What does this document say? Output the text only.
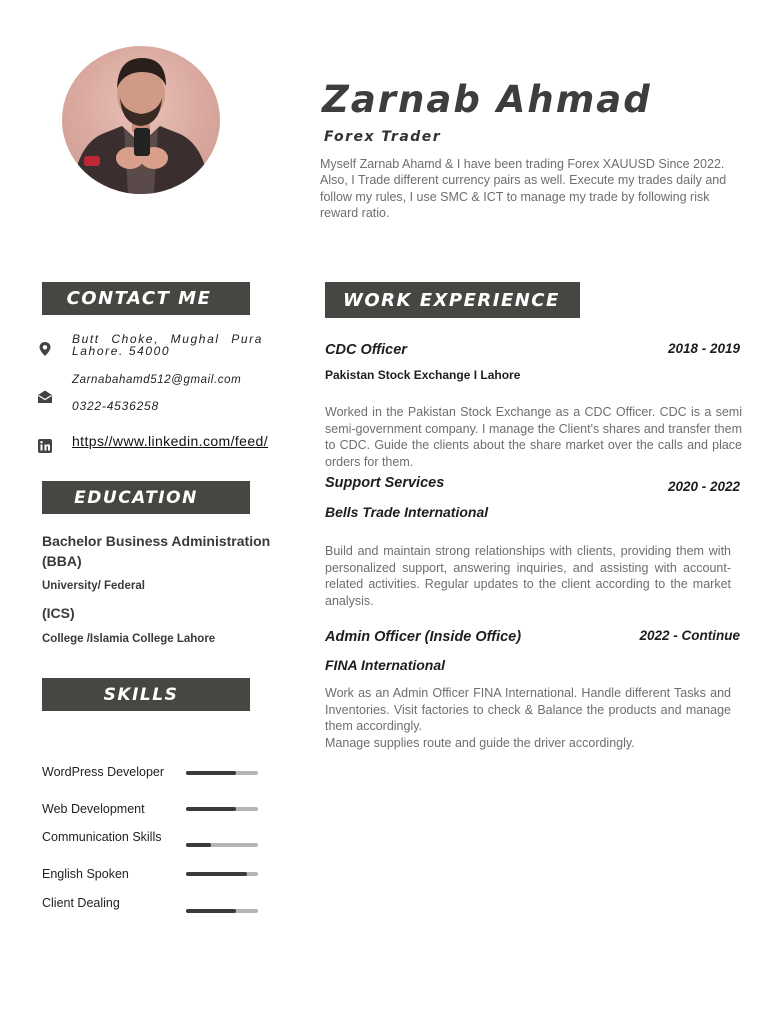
Zarnab Ahmad
Forex Trader
Myself Zarnab Ahamd & I have been trading Forex XAUUSD Since 2022. Also, I Trade different currency pairs as well. Execute my trades daily and follow my rules, I use SMC & ICT to manage my trade by following risk reward ratio.
CONTACT ME
Butt Choke, Mughal Pura Lahore. 54000
Zarnabahamd512@gmail.com
0322-4536258
https//www.linkedin.com/feed/
EDUCATION
Bachelor Business Administration (BBA)
University/ Federal
(ICS)
College /Islamia College Lahore
SKILLS
WordPress Developer
Web Development
Communication Skills
English Spoken
Client Dealing
WORK EXPERIENCE
CDC Officer	2018 - 2019
Pakistan Stock Exchange I Lahore
Worked in the Pakistan Stock Exchange as a CDC Officer. CDC is a semi semi-government company. I manage the Client's shares and transfer them to CDC. Guide the clients about the share market over the calls and place orders for them.
Support Services	2020 - 2022
Bells Trade International
Build and maintain strong relationships with clients, providing them with personalized support, answering inquiries, and assisting with account-related activities. Regular updates to the client according to the market analysis.
Admin Officer (Inside Office)	2022 - Continue
FINA International
Work as an Admin Officer FINA International. Handle different Tasks and Inventories. Visit factories to check & Balance the products and manage them accordingly.
Manage supplies route and guide the driver accordingly.
